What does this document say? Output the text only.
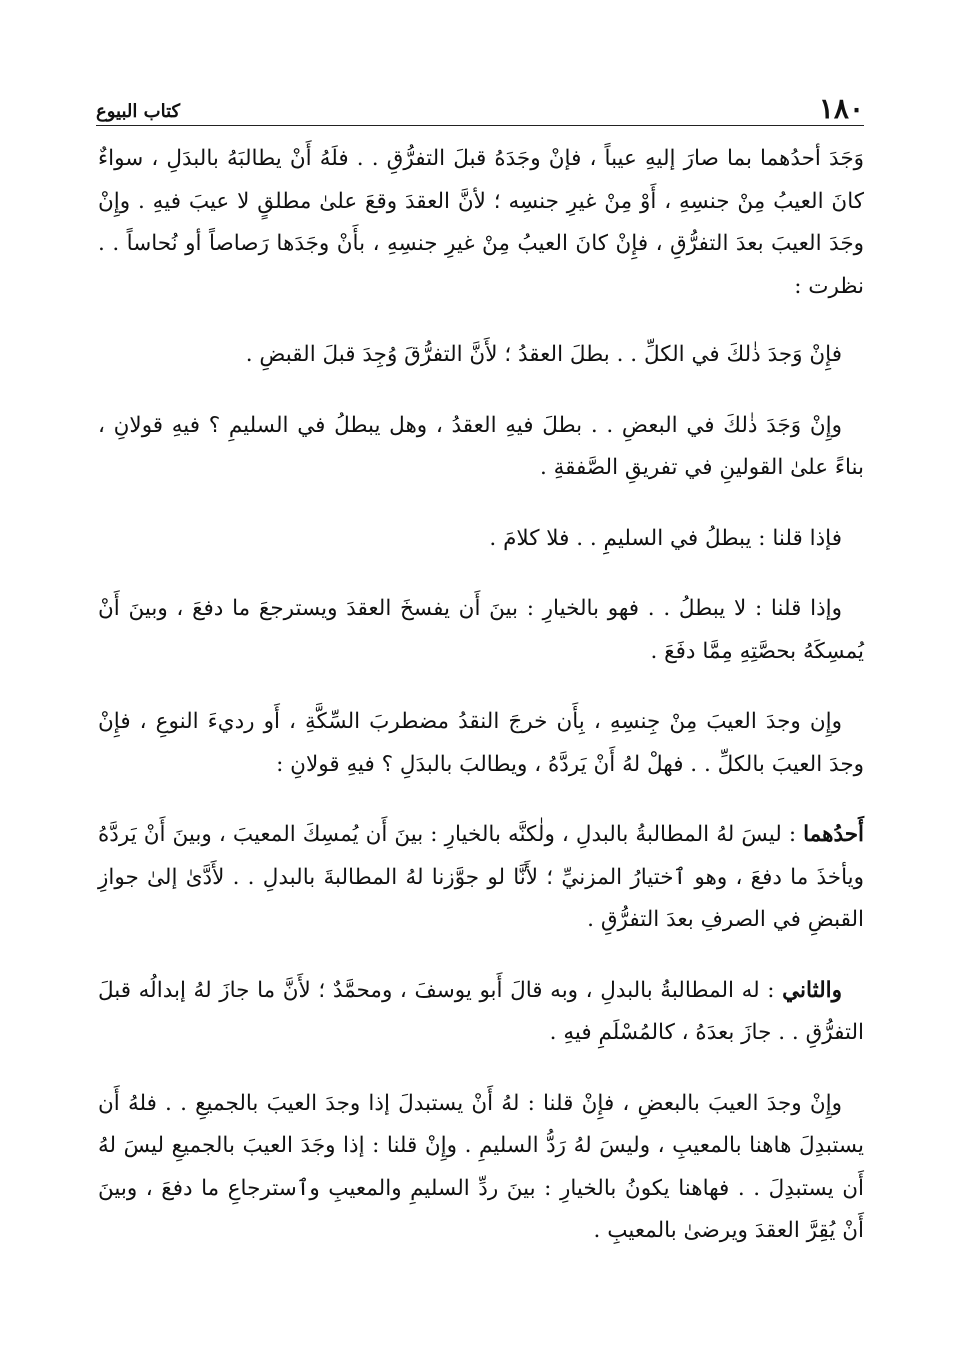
١٨٠
كتاب البيوع

وَجَدَ أحدُهما بما صارَ إليهِ عيباً ، فإنْ وجَدَهُ قبلَ التفرُّقِ . . فلَهُ أَنْ يطالبَهُ بالبدَلِ ، سواءٌ كانَ العيبُ مِنْ جنسِهِ ، أَوْ مِنْ غيرِ جنسِه ؛ لأنَّ العقدَ وقعَ علىٰ مطلقٍ لا عيبَ فيهِ . وإِنْ وجَدَ العيبَ بعدَ التفرُّقِ ، فإِنْ كانَ العيبُ مِنْ غيرِ جنسِهِ ، بأَنْ وجَدَها رَصاصاً أو نُحاساً . . نظرت :

فإِنْ وَجدَ ذٰلكَ في الكلِّ . . بطلَ العقدُ ؛ لأَنَّ التفرُّقَ وُجِدَ قبلَ القبضِ .

وإِنْ وَجَدَ ذٰلكَ في البعضِ . . بطلَ فيهِ العقدُ ، وهل يبطلُ في السليمِ ؟ فيهِ قولانِ ، بناءً علىٰ القولينِ في تفريقِ الصَّفقةِ .

فإذا قلنا : يبطلُ في السليمِ . . فلا كلامَ .

وإذا قلنا : لا يبطلُ . . فهو بالخيارِ : بينَ أَن يفسخَ العقدَ ويسترجعَ ما دفعَ ، وبينَ أَنْ يُمسِكَهُ بحصَّتِهِ مِمَّا دفَعَ .

وإِن وجدَ العيبَ مِنْ جِنسِهِ ، بِأَن خرجَ النقدُ مضطربَ السِّكَّةِ ، أَو رديءَ النوعِ ، فإِنْ وجدَ العيبَ بالكلِّ . . فهلْ لهُ أَنْ يَردَّهُ ، ويطالبَ بالبدَلِ ؟ فيهِ قولانِ :

أَحدُهما : ليسَ لهُ المطالبةُ بالبدلِ ، ولٰكنَّه بالخيارِ : بينَ أَن يُمسِكَ المعيبَ ، وبينَ أَنْ يَردَّهُ ويأخذَ ما دفعَ ، وهو ٱختيارُ المزنيِّ ؛ لأَنَّا لو جوَّزنا لهُ المطالبةَ بالبدلِ . . لأَدَّىٰ إلىٰ جوازِ القبضِ في الصرفِ بعدَ التفرُّقِ .

والثاني : له المطالبةُ بالبدلِ ، وبه قالَ أَبو يوسفَ ، ومحمَّدٌ ؛ لأَنَّ ما جازَ لهُ إبدالُه قبلَ التفرُّقِ . . جازَ بعدَهُ ، كالمُسْلَمِ فيهِ .

وإِنْ وجدَ العيبَ بالبعضِ ، فإِنْ قلنا : لهُ أَنْ يستبدلَ إذا وجدَ العيبَ بالجميعِ . . فلهُ أَن يستبدِلَ هاهنا بالمعيبِ ، وليسَ لهُ رَدُّ السليمِ . وإِنْ قلنا : إذا وجَدَ العيبَ بالجميعِ ليسَ لهُ أَن يستبدِلَ . . فهاهنا يكونُ بالخيارِ : بينَ ردِّ السليمِ والمعيبِ وٱسترجاعِ ما دفعَ ، وبينَ أَنْ يُقِرَّ العقدَ ويرضىٰ بالمعيبِ .
